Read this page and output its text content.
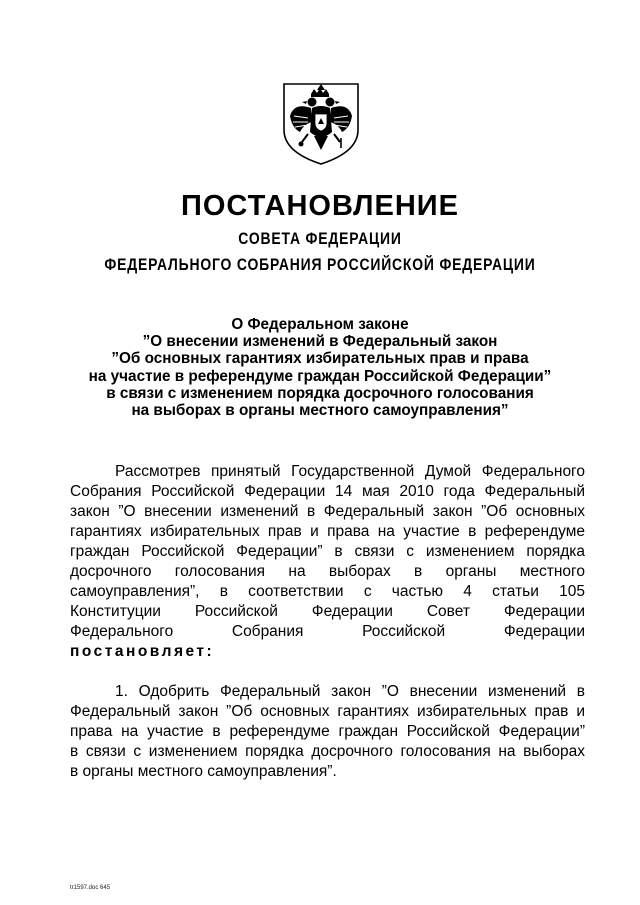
ПОСТАНОВЛЕНИЕ
СОВЕТА ФЕДЕРАЦИИ
ФЕДЕРАЛЬНОГО СОБРАНИЯ РОССИЙСКОЙ ФЕДЕРАЦИИ
О Федеральном законе
”О внесении изменений в Федеральный закон
”Об основных гарантиях избирательных прав и права
на участие в референдуме граждан Российской Федерации”
в связи с изменением порядка досрочного голосования
на выборах в органы местного самоуправления”

Рассмотрев принятый Государственной Думой Федерального
Собрания Российской Федерации 14 мая 2010 года Федеральный
закон ”О внесении изменений в Федеральный закон ”Об основных
гарантиях избирательных прав и права на участие в референдуме
граждан Российской Федерации” в связи с изменением порядка
досрочного голосования на выборах в органы местного
самоуправления”, в соответствии с частью 4 статьи 105
Конституции Российской Федерации Совет Федерации
Федерального Собрания Российской Федерации
постановляет:

1. Одобрить Федеральный закон ”О внесении изменений в
Федеральный закон ”Об основных гарантиях избирательных прав и
права на участие в референдуме граждан Российской Федерации”
в связи с изменением порядка досрочного голосования на выборах
в органы местного самоуправления”.

tr1597.doc 645
